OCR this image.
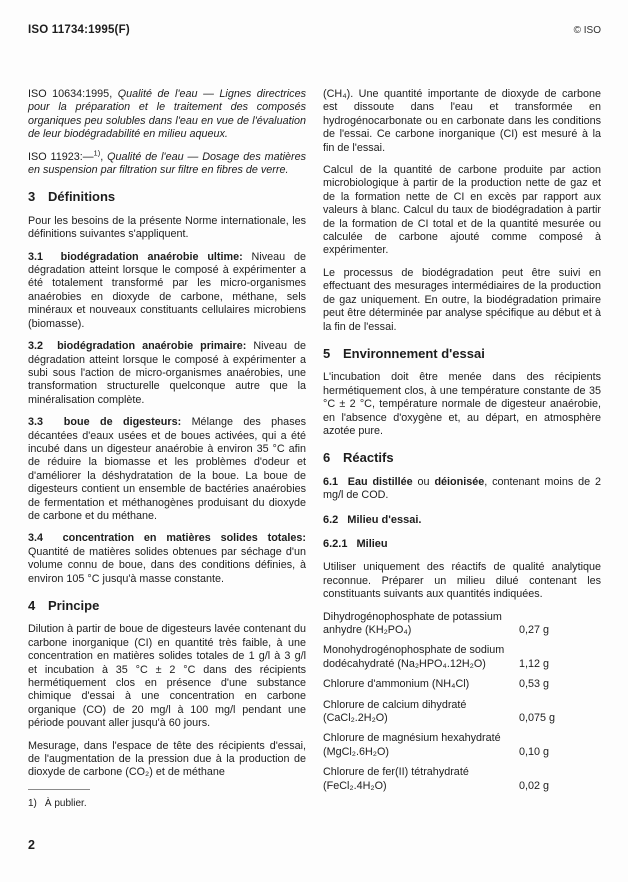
ISO 11734:1995(F)	© ISO

ISO 10634:1995, Qualité de l'eau — Lignes directrices pour la préparation et le traitement des composés organiques peu solubles dans l'eau en vue de l'évaluation de leur biodégradabilité en milieu aqueux.

ISO 11923:—$^{1)}$, Qualité de l'eau — Dosage des matières en suspension par filtration sur filtre en fibres de verre.

3 Définitions

Pour les besoins de la présente Norme internationale, les définitions suivantes s'appliquent.

3.1  biodégradation anaérobie ultime: Niveau de dégradation atteint lorsque le composé à expérimenter a été totalement transformé par les micro-organismes anaérobies en dioxyde de carbone, méthane, sels minéraux et nouveaux constituants cellulaires microbiens (biomasse).

3.2  biodégradation anaérobie primaire: Niveau de dégradation atteint lorsque le composé à expérimenter a subi sous l'action de micro-organismes anaérobies, une transformation structurelle quelconque autre que la minéralisation complète.

3.3  boue de digesteurs: Mélange des phases décantées d'eaux usées et de boues activées, qui a été incubé dans un digesteur anaérobie à environ 35 °C afin de réduire la biomasse et les problèmes d'odeur et d'améliorer la déshydratation de la boue. La boue de digesteurs contient un ensemble de bactéries anaérobies de fermentation et méthanogènes produisant du dioxyde de carbone et du méthane.

3.4  concentration en matières solides totales: Quantité de matières solides obtenues par séchage d'un volume connu de boue, dans des conditions définies, à environ 105 °C jusqu'à masse constante.

4 Principe

Dilution à partir de boue de digesteurs lavée contenant du carbone inorganique (CI) en quantité très faible, à une concentration en matières solides totales de 1 g/l à 3 g/l et incubation à 35 °C ± 2 °C dans des récipients hermétiquement clos en présence d'une substance chimique d'essai à une concentration en carbone organique (CO) de 20 mg/l à 100 mg/l pendant une période pouvant aller jusqu'à 60 jours.

Mesurage, dans l'espace de tête des récipients d'essai, de l'augmentation de la pression due à la production de dioxyde de carbone (CO₂) et de méthane

(CH₄). Une quantité importante de dioxyde de carbone est dissoute dans l'eau et transformée en hydrogénocarbonate ou en carbonate dans les conditions de l'essai. Ce carbone inorganique (CI) est mesuré à la fin de l'essai.

Calcul de la quantité de carbone produite par action microbiologique à partir de la production nette de gaz et de la formation nette de CI en excès par rapport aux valeurs à blanc. Calcul du taux de biodégradation à partir de la formation de CI total et de la quantité mesurée ou calculée de carbone ajouté comme composé à expérimenter.

Le processus de biodégradation peut être suivi en effectuant des mesurages intermédiaires de la production de gaz uniquement. En outre, la biodégradation primaire peut être déterminée par analyse spécifique au début et à la fin de l'essai.

5 Environnement d'essai

L'incubation doit être menée dans des récipients hermétiquement clos, à une température constante de 35 °C ± 2 °C, température normale de digesteur anaérobie, en l'absence d'oxygène et, au départ, en atmosphère azotée pure.

6 Réactifs

6.1  Eau distillée ou déionisée, contenant moins de 2 mg/l de COD.

6.2 Milieu d'essai.
6.2.1 Milieu

Utiliser uniquement des réactifs de qualité analytique reconnue. Préparer un milieu dilué contenant les constituants suivants aux quantités indiquées.

Dihydrogénophosphate de potassium anhydre (KH₂PO₄)	0,27 g
Monohydrogénophosphate de sodium dodécahydraté (Na₂HPO₄.12H₂O)	1,12 g
Chlorure d'ammonium (NH₄Cl)	0,53 g
Chlorure de calcium dihydraté (CaCl₂.2H₂O)	0,075 g
Chlorure de magnésium hexahydraté (MgCl₂.6H₂O)	0,10 g
Chlorure de fer(II) tétrahydraté (FeCl₂.4H₂O)	0,02 g
1) À publier.
2
